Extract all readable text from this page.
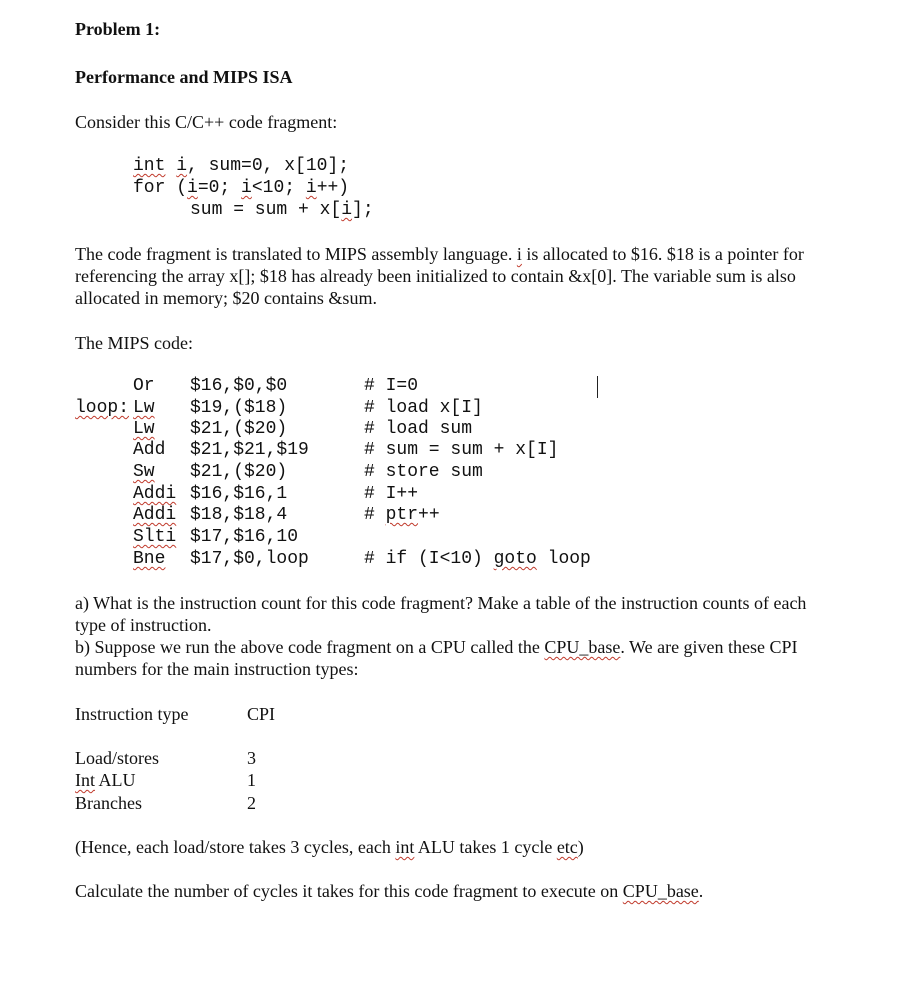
Problem 1:
Performance and MIPS ISA
Consider this C/C++ code fragment:
int i, sum=0, x[10];
for (i=0; i<10; i++)
sum = sum + x[i];
The code fragment is translated to MIPS assembly language. i is allocated to $16. $18 is a pointer for referencing the array x[]; $18 has already been initialized to contain &x[0]. The variable sum is also allocated in memory; $20 contains &sum.
The MIPS code:
Or $16,$0,$0	# I=0
loop: Lw $19,($18)	# load x[I]
Lw $21,($20)	# load sum
Add $21,$21,$19	# sum = sum + x[I]
Sw $21,($20)	# store sum
Addi $16,$16,1	# I++
Addi $18,$18,4	# ptr++
Slti $17,$16,10
Bne $17,$0,loop	# if (I<10) goto loop
a) What is the instruction count for this code fragment? Make a table of the instruction counts of each type of instruction.
b) Suppose we run the above code fragment on a CPU called the CPU_base. We are given these CPI numbers for the main instruction types:
Instruction type	CPI
Load/stores	3
Int ALU	1
Branches	2
(Hence, each load/store takes 3 cycles, each int ALU takes 1 cycle etc)
Calculate the number of cycles it takes for this code fragment to execute on CPU_base.
